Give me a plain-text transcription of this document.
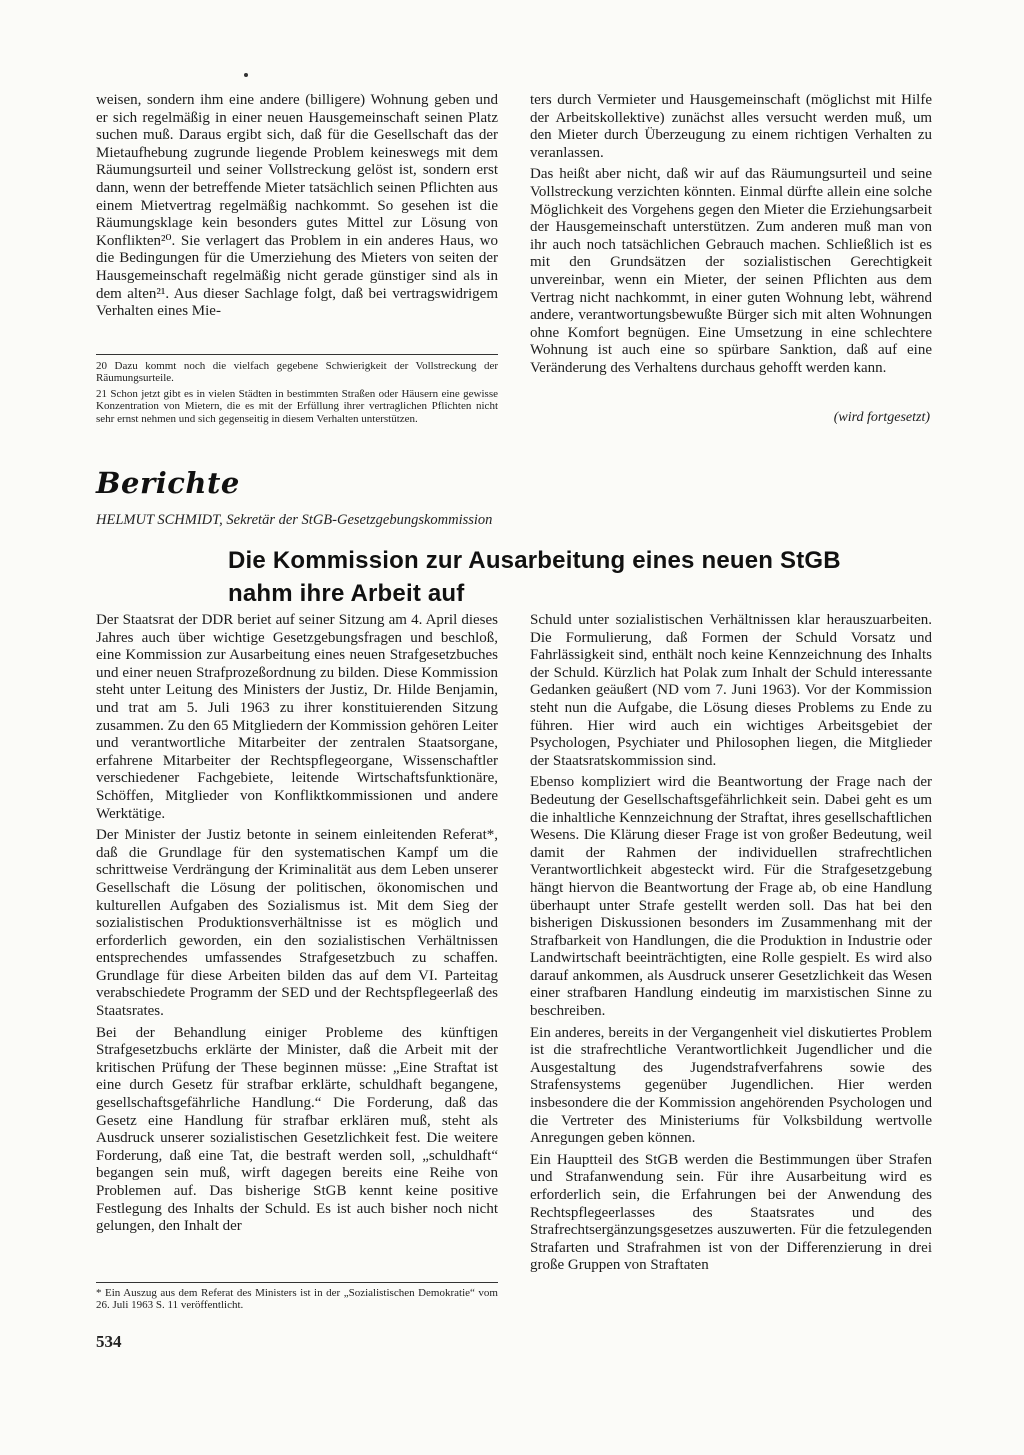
weisen, sondern ihm eine andere (billigere) Wohnung geben und er sich regelmäßig in einer neuen Hausgemeinschaft seinen Platz suchen muß. Daraus ergibt sich, daß für die Gesellschaft das der Mietaufhebung zugrunde liegende Problem keineswegs mit dem Räumungsurteil und seiner Vollstreckung gelöst ist, sondern erst dann, wenn der betreffende Mieter tatsächlich seinen Pflichten aus einem Mietvertrag regelmäßig nachkommt. So gesehen ist die Räumungsklage kein besonders gutes Mittel zur Lösung von Konflikten²⁰. Sie verlagert das Problem in ein anderes Haus, wo die Bedingungen für die Umerziehung des Mieters von seiten der Hausgemeinschaft regelmäßig nicht gerade günstiger sind als in dem alten²¹. Aus dieser Sachlage folgt, daß bei vertragswidrigem Verhalten eines Mie-

20 Dazu kommt noch die vielfach gegebene Schwierigkeit der Vollstreckung der Räumungsurteile.

21 Schon jetzt gibt es in vielen Städten in bestimmten Straßen oder Häusern eine gewisse Konzentration von Mietern, die es mit der Erfüllung ihrer vertraglichen Pflichten nicht sehr ernst nehmen und sich gegenseitig in diesem Verhalten unterstützen.

ters durch Vermieter und Hausgemeinschaft (möglichst mit Hilfe der Arbeitskollektive) zunächst alles versucht werden muß, um den Mieter durch Überzeugung zu einem richtigen Verhalten zu veranlassen.

Das heißt aber nicht, daß wir auf das Räumungsurteil und seine Vollstreckung verzichten könnten. Einmal dürfte allein eine solche Möglichkeit des Vorgehens gegen den Mieter die Erziehungsarbeit der Hausgemeinschaft unterstützen. Zum anderen muß man von ihr auch noch tatsächlichen Gebrauch machen. Schließlich ist es mit den Grundsätzen der sozialistischen Gerechtigkeit unvereinbar, wenn ein Mieter, der seinen Pflichten aus dem Vertrag nicht nachkommt, in einer guten Wohnung lebt, während andere, verantwortungsbewußte Bürger sich mit alten Wohnungen ohne Komfort begnügen. Eine Umsetzung in eine schlechtere Wohnung ist auch eine so spürbare Sanktion, daß auf eine Veränderung des Verhaltens durchaus gehofft werden kann.

(wird fortgesetzt)
Berichte
HELMUT SCHMIDT, Sekretär der StGB-Gesetzgebungskommission
Die Kommission zur Ausarbeitung eines neuen StGB
nahm ihre Arbeit auf

Der Staatsrat der DDR beriet auf seiner Sitzung am 4. April dieses Jahres auch über wichtige Gesetzgebungsfragen und beschloß, eine Kommission zur Ausarbeitung eines neuen Strafgesetzbuches und einer neuen Strafprozeßordnung zu bilden. Diese Kommission steht unter Leitung des Ministers der Justiz, Dr. Hilde Benjamin, und trat am 5. Juli 1963 zu ihrer konstituierenden Sitzung zusammen. Zu den 65 Mitgliedern der Kommission gehören Leiter und verantwortliche Mitarbeiter der zentralen Staatsorgane, erfahrene Mitarbeiter der Rechtspflegeorgane, Wissenschaftler verschiedener Fachgebiete, leitende Wirtschaftsfunktionäre, Schöffen, Mitglieder von Konfliktkommissionen und andere Werktätige.

Der Minister der Justiz betonte in seinem einleitenden Referat*, daß die Grundlage für den systematischen Kampf um die schrittweise Verdrängung der Kriminalität aus dem Leben unserer Gesellschaft die Lösung der politischen, ökonomischen und kulturellen Aufgaben des Sozialismus ist. Mit dem Sieg der sozialistischen Produktionsverhältnisse ist es möglich und erforderlich geworden, ein den sozialistischen Verhältnissen entsprechendes umfassendes Strafgesetzbuch zu schaffen. Grundlage für diese Arbeiten bilden das auf dem VI. Parteitag verabschiedete Programm der SED und der Rechtspflegeerlaß des Staatsrates.

Bei der Behandlung einiger Probleme des künftigen Strafgesetzbuchs erklärte der Minister, daß die Arbeit mit der kritischen Prüfung der These beginnen müsse: „Eine Straftat ist eine durch Gesetz für strafbar erklärte, schuldhaft begangene, gesellschaftsgefährliche Handlung.“ Die Forderung, daß das Gesetz eine Handlung für strafbar erklären muß, steht als Ausdruck unserer sozialistischen Gesetzlichkeit fest. Die weitere Forderung, daß eine Tat, die bestraft werden soll, „schuldhaft“ begangen sein muß, wirft dagegen bereits eine Reihe von Problemen auf. Das bisherige StGB kennt keine positive Festlegung des Inhalts der Schuld. Es ist auch bisher noch nicht gelungen, den Inhalt der

* Ein Auszug aus dem Referat des Ministers ist in der „Sozialistischen Demokratie“ vom 26. Juli 1963 S. 11 veröffentlicht.

Schuld unter sozialistischen Verhältnissen klar herauszuarbeiten. Die Formulierung, daß Formen der Schuld Vorsatz und Fahrlässigkeit sind, enthält noch keine Kennzeichnung des Inhalts der Schuld. Kürzlich hat Polak zum Inhalt der Schuld interessante Gedanken geäußert (ND vom 7. Juni 1963). Vor der Kommission steht nun die Aufgabe, die Lösung dieses Problems zu Ende zu führen. Hier wird auch ein wichtiges Arbeitsgebiet der Psychologen, Psychiater und Philosophen liegen, die Mitglieder der Staatsratskommission sind.

Ebenso kompliziert wird die Beantwortung der Frage nach der Bedeutung der Gesellschaftsgefährlichkeit sein. Dabei geht es um die inhaltliche Kennzeichnung der Straftat, ihres gesellschaftlichen Wesens. Die Klärung dieser Frage ist von großer Bedeutung, weil damit der Rahmen der individuellen strafrechtlichen Verantwortlichkeit abgesteckt wird. Für die Strafgesetzgebung hängt hiervon die Beantwortung der Frage ab, ob eine Handlung überhaupt unter Strafe gestellt werden soll. Das hat bei den bisherigen Diskussionen besonders im Zusammenhang mit der Strafbarkeit von Handlungen, die die Produktion in Industrie oder Landwirtschaft beeinträchtigten, eine Rolle gespielt. Es wird also darauf ankommen, als Ausdruck unserer Gesetzlichkeit das Wesen einer strafbaren Handlung eindeutig im marxistischen Sinne zu beschreiben.

Ein anderes, bereits in der Vergangenheit viel diskutiertes Problem ist die strafrechtliche Verantwortlichkeit Jugendlicher und die Ausgestaltung des Jugendstrafverfahrens sowie des Strafensystems gegenüber Jugendlichen. Hier werden insbesondere die der Kommission angehörenden Psychologen und die Vertreter des Ministeriums für Volksbildung wertvolle Anregungen geben können.

Ein Hauptteil des StGB werden die Bestimmungen über Strafen und Strafanwendung sein. Für ihre Ausarbeitung wird es erforderlich sein, die Erfahrungen bei der Anwendung des Rechtspflegeerlasses des Staatsrates und des Strafrechtsergänzungsgesetzes auszuwerten. Für die fetzulegenden Strafarten und Strafrahmen ist von der Differenzierung in drei große Gruppen von Straftaten

534
